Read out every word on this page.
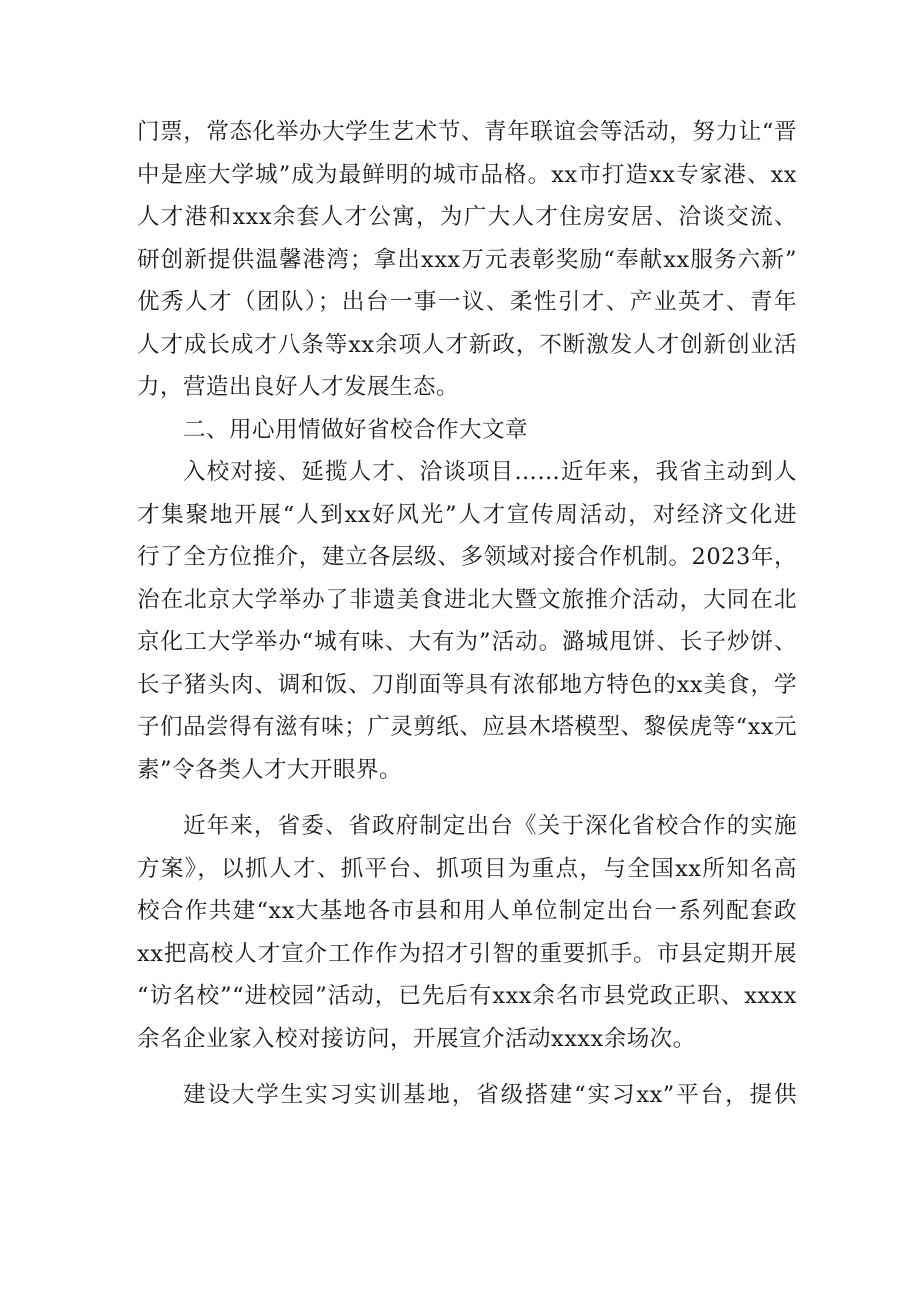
门票，常态化举办大学生艺术节、青年联谊会等活动，努力让“晋
中是座大学城”成为最鲜明的城市品格。xx市打造xx专家港、xx
人才港和xxx余套人才公寓，为广大人才住房安居、洽谈交流、
研创新提供温馨港湾；拿出xxx万元表彰奖励“奉献xx服务六新”
优秀人才（团队）；出台一事一议、柔性引才、产业英才、青年
人才成长成才八条等xx余项人才新政，不断激发人才创新创业活
力，营造出良好人才发展生态。
二、用心用情做好省校合作大文章
入校对接、延揽人才、洽谈项目……近年来，我省主动到人
才集聚地开展“人到xx好风光”人才宣传周活动，对经济文化进
行了全方位推介，建立各层级、多领域对接合作机制。2023年，
治在北京大学举办了非遗美食进北大暨文旅推介活动，大同在北
京化工大学举办“城有味、大有为”活动。潞城甩饼、长子炒饼、
长子猪头肉、调和饭、刀削面等具有浓郁地方特色的xx美食，学
子们品尝得有滋有味；广灵剪纸、应县木塔模型、黎侯虎等“xx元
素”令各类人才大开眼界。
近年来，省委、省政府制定出台《关于深化省校合作的实施
方案》，以抓人才、抓平台、抓项目为重点，与全国xx所知名高
校合作共建“xx大基地各市县和用人单位制定出台一系列配套政
xx把高校人才宣介工作作为招才引智的重要抓手。市县定期开展
“访名校”“进校园”活动，已先后有xxx余名市县党政正职、xxxx
余名企业家入校对接访问，开展宣介活动xxxx余场次。
建设大学生实习实训基地，省级搭建“实习xx”平台，提供
